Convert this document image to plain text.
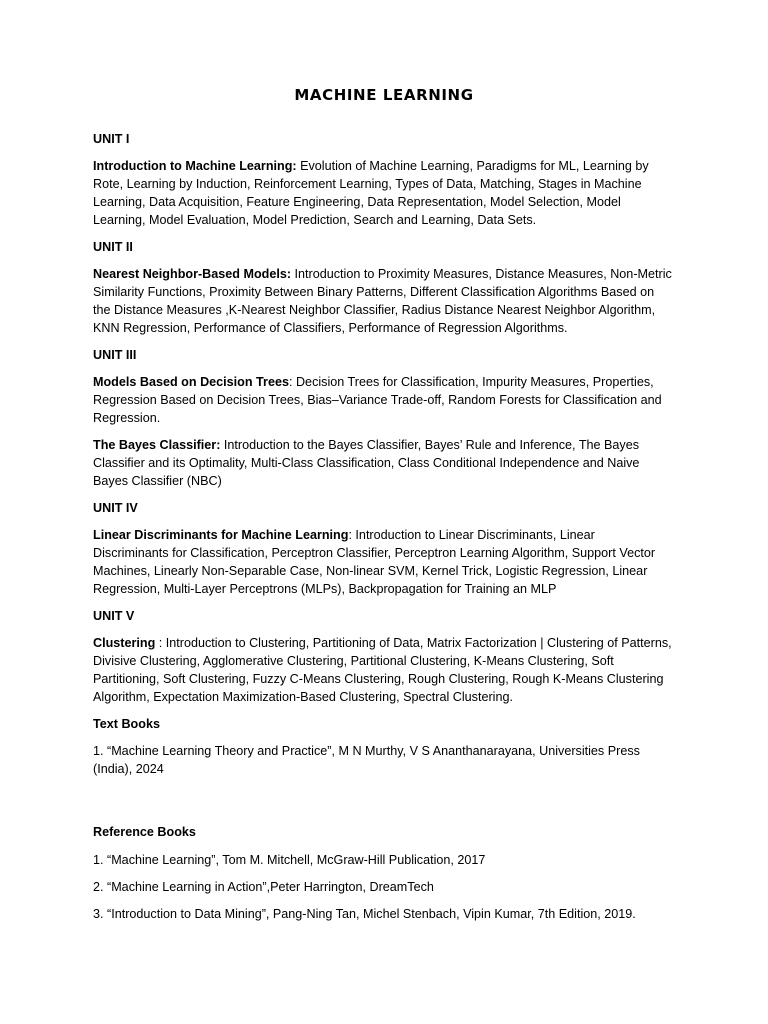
MACHINE LEARNING
UNIT I

Introduction to Machine Learning: Evolution of Machine Learning, Paradigms for ML, Learning by Rote, Learning by Induction, Reinforcement Learning, Types of Data, Matching, Stages in Machine Learning, Data Acquisition, Feature Engineering, Data Representation, Model Selection, Model Learning, Model Evaluation, Model Prediction, Search and Learning, Data Sets.

UNIT II

Nearest Neighbor-Based Models: Introduction to Proximity Measures, Distance Measures, Non-Metric Similarity Functions, Proximity Between Binary Patterns, Different Classification Algorithms Based on the Distance Measures ,K-Nearest Neighbor Classifier, Radius Distance Nearest Neighbor Algorithm, KNN Regression, Performance of Classifiers, Performance of Regression Algorithms.

UNIT III

Models Based on Decision Trees: Decision Trees for Classification, Impurity Measures, Properties, Regression Based on Decision Trees, Bias–Variance Trade-off, Random Forests for Classification and Regression.

The Bayes Classifier: Introduction to the Bayes Classifier, Bayes’ Rule and Inference, The Bayes Classifier and its Optimality, Multi-Class Classification, Class Conditional Independence and Naive Bayes Classifier (NBC)

UNIT IV

Linear Discriminants for Machine Learning: Introduction to Linear Discriminants, Linear Discriminants for Classification, Perceptron Classifier, Perceptron Learning Algorithm, Support Vector Machines, Linearly Non-Separable Case, Non-linear SVM, Kernel Trick, Logistic Regression, Linear Regression, Multi-Layer Perceptrons (MLPs), Backpropagation for Training an MLP

UNIT V

Clustering : Introduction to Clustering, Partitioning of Data, Matrix Factorization | Clustering of Patterns, Divisive Clustering, Agglomerative Clustering, Partitional Clustering, K-Means Clustering, Soft Partitioning, Soft Clustering, Fuzzy C-Means Clustering, Rough Clustering, Rough K-Means Clustering Algorithm, Expectation Maximization-Based Clustering, Spectral Clustering.

Text Books

1. “Machine Learning Theory and Practice”, M N Murthy, V S Ananthanarayana, Universities Press (India), 2024

Reference Books

1. “Machine Learning”, Tom M. Mitchell, McGraw-Hill Publication, 2017

2. “Machine Learning in Action”,Peter Harrington, DreamTech

3. “Introduction to Data Mining”, Pang-Ning Tan, Michel Stenbach, Vipin Kumar, 7th Edition, 2019.
